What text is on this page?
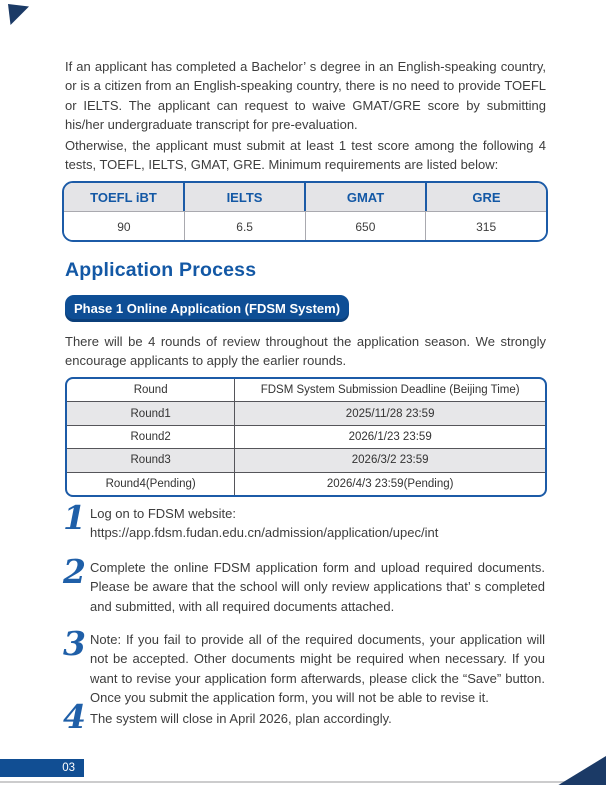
If an applicant has completed a Bachelor’ s degree in an English-speaking country, or is a citizen from an English-speaking country, there is no need to provide TOEFL or IELTS. The applicant can request to waive GMAT/GRE score by submitting his/her undergraduate transcript for pre-evaluation.

Otherwise, the applicant must submit at least 1 test score among the following 4 tests, TOEFL, IELTS, GMAT, GRE. Minimum requirements are listed below:

TOEFL iBT	IELTS	GMAT	GRE
90	6.5	650	315
Application Process
Phase 1 Online Application (FDSM System)

There will be 4 rounds of review throughout the application season. We strongly encourage applicants to apply the earlier rounds.

Round	FDSM System Submission Deadline (Beijing Time)
Round1	2025/11/28 23:59
Round2	2026/1/23 23:59
Round3	2026/3/2 23:59
Round4(Pending)	2026/4/3 23:59(Pending)
1 Log on to FDSM website:
https://app.fdsm.fudan.edu.cn/admission/application/upec/int
2 Complete the online FDSM application form and upload required documents. Please be aware that the school will only review applications that’ s completed and submitted, with all required documents attached.
3 Note: If you fail to provide all of the required documents, your application will not be accepted. Other documents might be required when necessary. If you want to revise your application form afterwards, please click the “Save” button. Once you submit the application form, you will not be able to revise it.
4 The system will close in April 2026, plan accordingly.
03
